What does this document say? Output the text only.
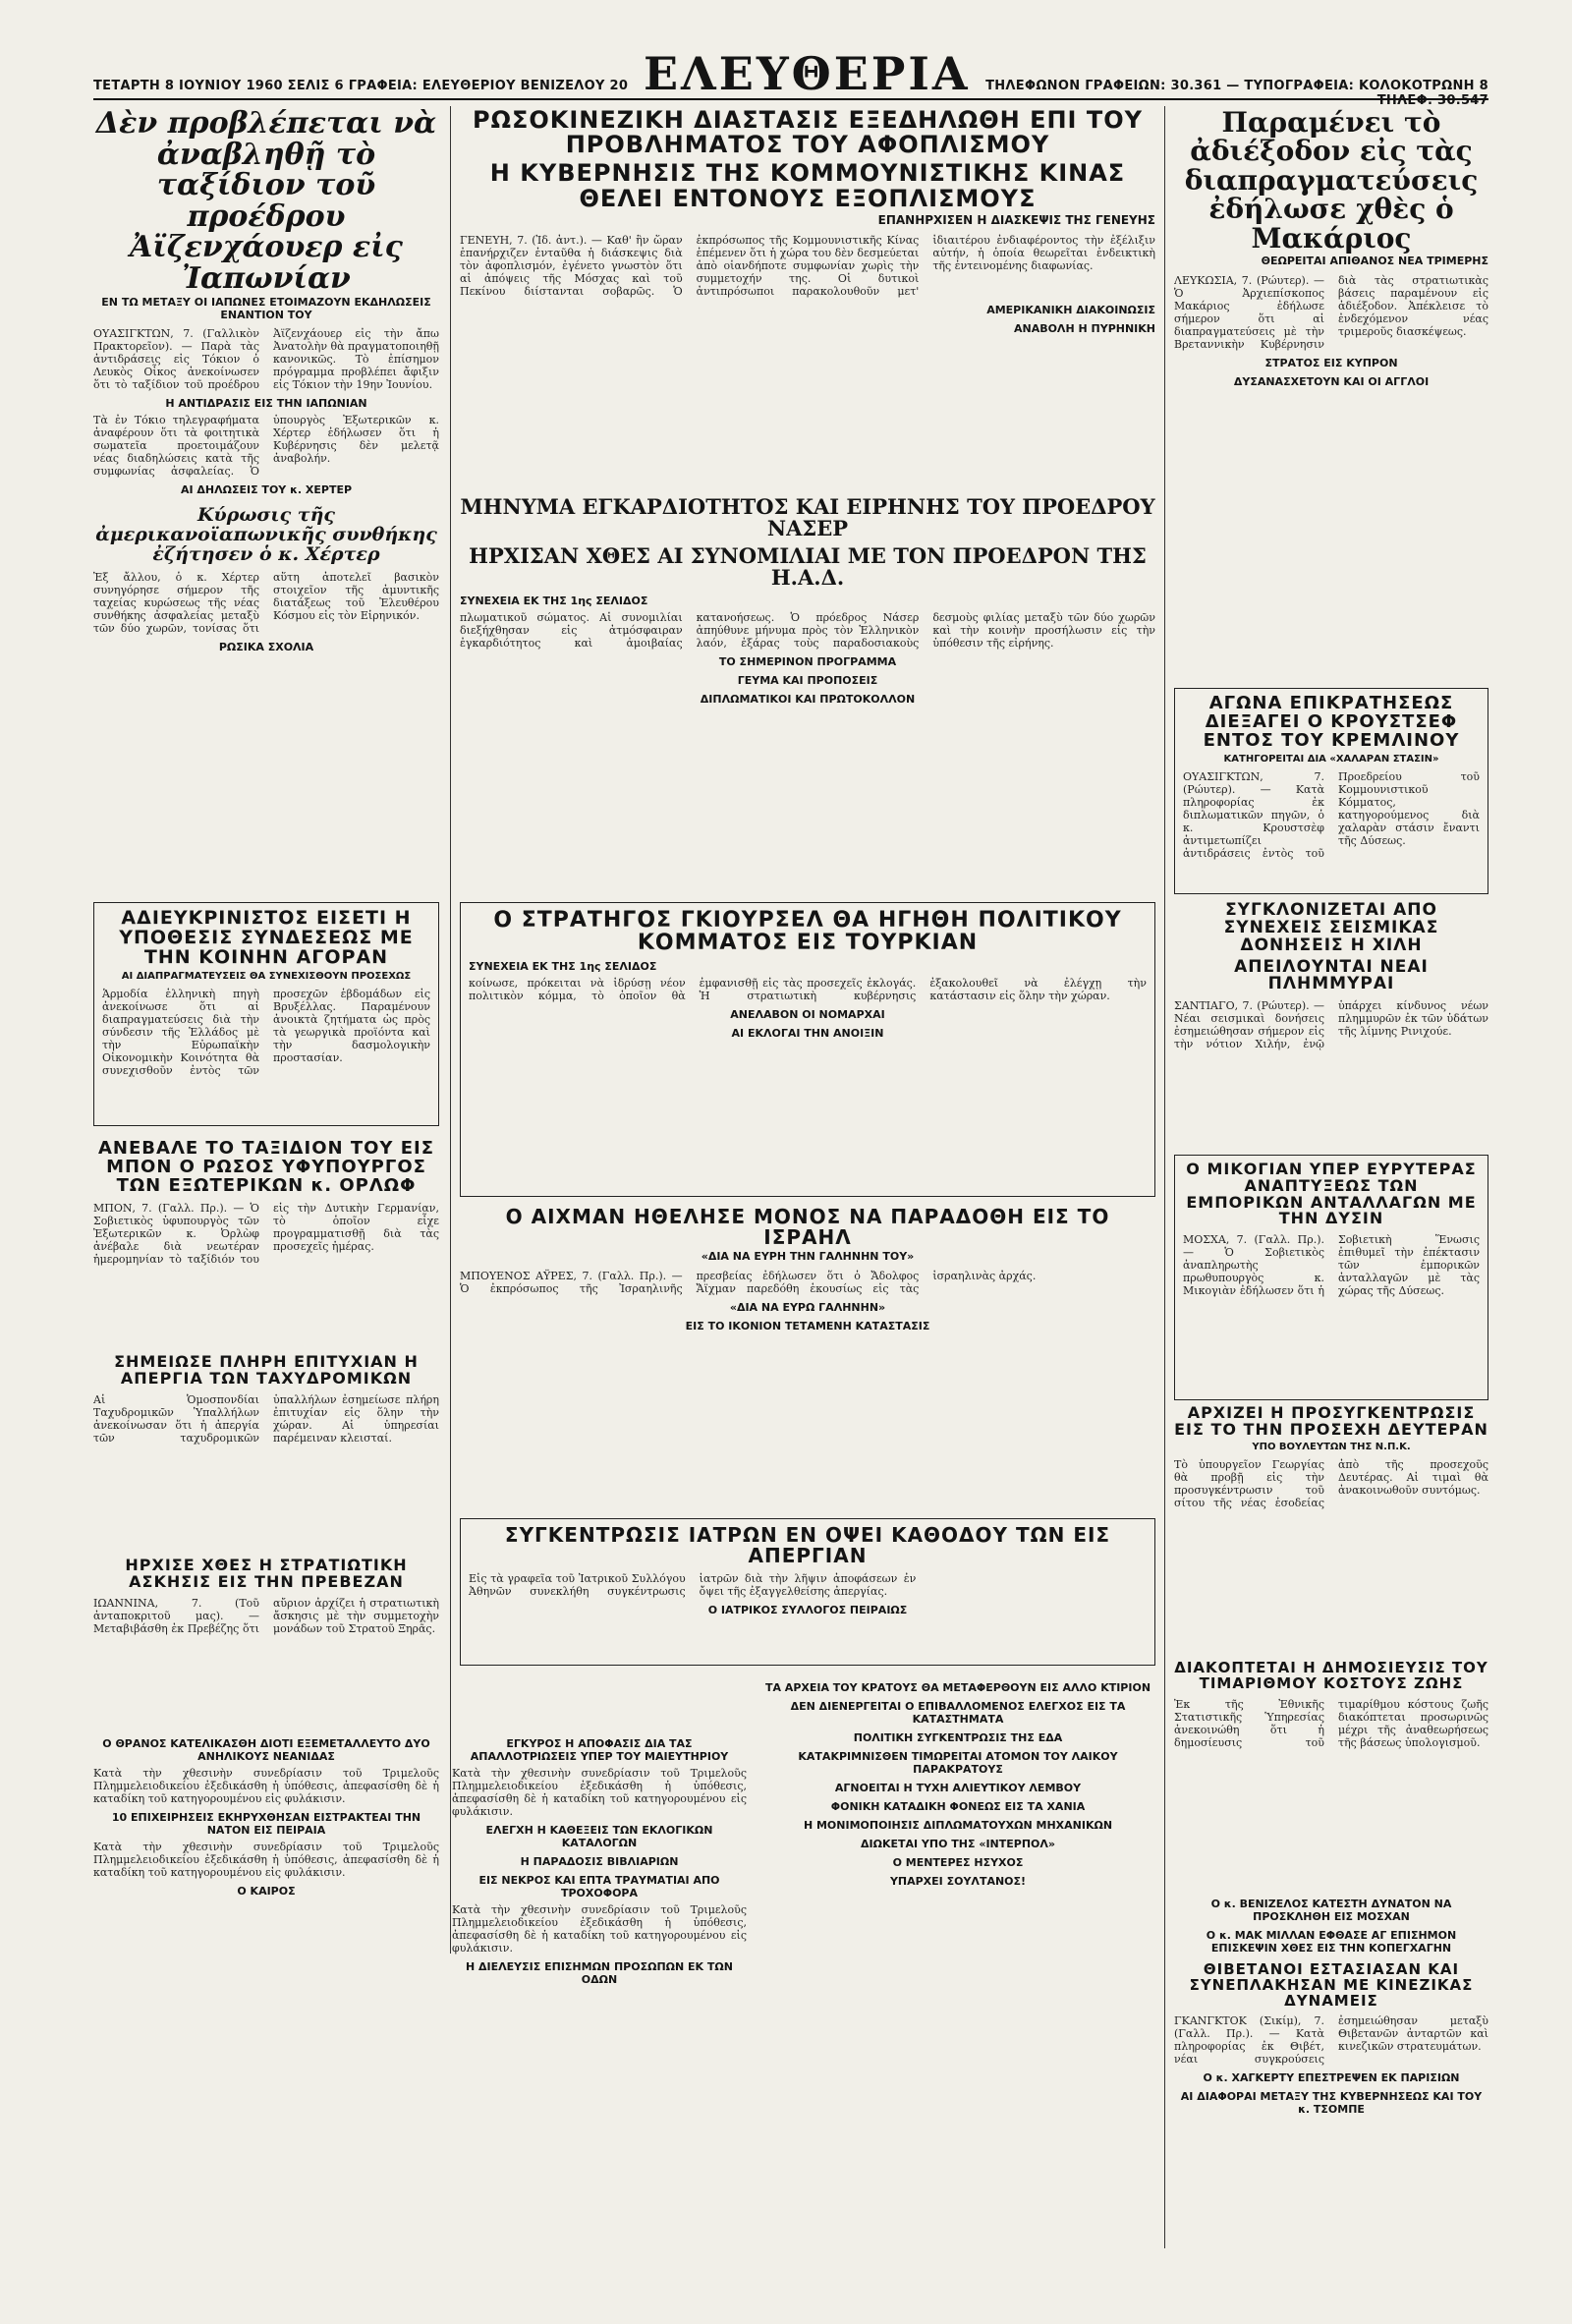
ΤΕΤΑΡΤΗ 8 ΙΟΥΝΙΟΥ 1960 ΣΕΛΙΣ 6 ΓΡΑΦΕΙΑ: ΕΛΕΥΘΕΡΙΟΥ ΒΕΝΙΖΕΛΟΥ 20 ΕΛΕΥΘΕΡΙΑ	ΤΗΛΕΦΩΝΟΝ ΓΡΑΦΕΙΩΝ: 30.361 — ΤΥΠΟΓΡΑΦΕΙΑ: ΚΟΛΟΚΟΤΡΩΝΗ 8 ΤΗΛΕΦ. 30.547
Δὲν πρoβλέπεται νὰ ἀναβληθῇ τὸ ταξίδιον τοῦ προέδρου Ἀϊζενχάουερ εἰς Ἰαπωνίαν
ΕΝ ΤΩ ΜΕΤΑΞΥ ΟΙ ΙΑΠΩΝΕΣ ΕΤΟΙΜΑΖΟΥΝ ΕΚΔΗΛΩΣΕΙΣ ΕΝΑΝΤΙΟΝ ΤΟΥ
ΟΥΑΣΙΓΚΤΩΝ, 7. (Γαλλικὸν Πρακτορεῖον). — Παρὰ τὰς ἀντιδράσεις εἰς Τόκιον ὁ Λευκὸς Οἶκος ἀνεκοίνωσεν ὅτι τὸ ταξίδιον τοῦ προέδρου Ἀϊζενχάουερ εἰς τὴν ἄπω Ἀνατολὴν θὰ πραγματοποιηθῇ κανονικῶς. Τὸ ἐπίσημον πρόγραμμα προβλέπει ἄφιξιν εἰς Τόκιον τὴν 19ην Ἰουνίου.
Η ΑΝΤΙΔΡΑΣΙΣ ΕΙΣ ΤΗΝ ΙΑΠΩΝΙΑΝ
Τὰ ἐν Τόκιο τηλεγραφήματα ἀναφέρουν ὅτι τὰ φοιτητικὰ σωματεῖα προετοιμάζουν νέας διαδηλώσεις κατὰ τῆς συμφωνίας ἀσφαλείας. Ὁ ὑπουργὸς Ἐξωτερικῶν κ. Χέρτερ ἐδήλωσεν ὅτι ἡ Κυβέρνησις δὲν μελετᾷ ἀναβολήν.
ΑΙ ΔΗΛΩΣΕΙΣ ΤΟΥ κ. ΧΕΡΤΕΡ
Κύρωσις τῆς ἀμερικανοϊαπωνικῆς συνθήκης ἐζήτησεν ὁ κ. Χέρτερ
Ἐξ ἄλλου, ὁ κ. Χέρτερ συνηγόρησε σήμερον τῆς ταχείας κυρώσεως τῆς νέας συνθήκης ἀσφαλείας μεταξὺ τῶν δύο χωρῶν, τονίσας ὅτι αὕτη ἀποτελεῖ βασικὸν στοιχεῖον τῆς ἀμυντικῆς διατάξεως τοῦ Ἐλευθέρου Κόσμου εἰς τὸν Εἰρηνικόν.
ΡΩΣΙΚΑ ΣΧΟΛΙΑ
ΡΩΣΟΚΙΝΕΖΙΚΗ ΔΙΑΣΤΑΣΙΣ ΕΞΕΔΗΛΩΘΗ ΕΠΙ ΤΟΥ ΠΡΟΒΛΗΜΑΤΟΣ ΤΟΥ ΑΦΟΠΛΙΣΜΟΥ
Η ΚΥΒΕΡΝΗΣΙΣ ΤΗΣ ΚΟΜΜΟΥΝΙΣΤΙΚΗΣ ΚΙΝΑΣ ΘΕΛΕΙ ΕΝΤΟΝΟΥΣ ΕΞΟΠΛΙΣΜΟΥΣ
ΕΠΑΝΗΡΧΙΣΕΝ Η ΔΙΑΣΚΕΨΙΣ ΤΗΣ ΓΕΝΕΥΗΣ
ΓΕΝΕΥΗ, 7. (Ἰδ. ἀντ.). — Καθ' ἣν ὥραν ἐπανήρχιζεν ἐνταῦθα ἡ διάσκεψις διὰ τὸν ἀφοπλισμόν, ἐγένετο γνωστὸν ὅτι αἱ ἀπόψεις τῆς Μόσχας καὶ τοῦ Πεκίνου διίστανται σοβαρῶς. Ὁ ἐκπρόσωπος τῆς Κομμουνιστικῆς Κίνας ἐπέμενεν ὅτι ἡ χώρα του δὲν δεσμεύεται ἀπὸ οἱανδήποτε συμφωνίαν χωρὶς τὴν συμμετοχήν της. Οἱ δυτικοὶ ἀντιπρόσωποι παρακολουθοῦν μετ' ἰδιαιτέρου ἐνδιαφέροντος τὴν ἐξέλιξιν αὐτήν, ἡ ὁποία θεωρεῖται ἐνδεικτικὴ τῆς ἐντεινομένης διαφωνίας.
ΑΜΕΡΙΚΑΝΙΚΗ ΔΙΑΚΟΙΝΩΣΙΣ
ΑΝΑΒΟΛΗ Η ΠΥΡΗΝΙΚΗ
ΜΗΝΥΜΑ ΕΓΚΑΡΔΙΟΤΗΤΟΣ ΚΑΙ ΕΙΡΗΝΗΣ ΤΟΥ ΠΡΟΕΔΡΟΥ ΝΑΣΕΡ
ΗΡΧΙΣΑΝ ΧΘΕΣ ΑΙ ΣΥΝΟΜΙΛΙΑΙ ΜΕ ΤΟΝ ΠΡΟΕΔΡΟΝ ΤΗΣ Η.Α.Δ.
ΣΥΝΕΧΕΙΑ ΕΚ ΤΗΣ 1ης ΣΕΛΙΔΟΣ
πλωματικοῦ σώματος. Αἱ συνομιλίαι διεξήχθησαν εἰς ἀτμόσφαιραν ἐγκαρδιότητος καὶ ἀμοιβαίας κατανοήσεως. Ὁ πρόεδρος Νάσερ ἀπηύθυνε μήνυμα πρὸς τὸν Ἑλληνικὸν λαόν, ἐξάρας τοὺς παραδοσιακοὺς δεσμοὺς φιλίας μεταξὺ τῶν δύο χωρῶν καὶ τὴν κοινὴν προσήλωσιν εἰς τὴν ὑπόθεσιν τῆς εἰρήνης.
ΤΟ ΣΗΜΕΡΙΝΟΝ ΠΡΟΓΡΑΜΜΑ
ΓΕΥΜΑ ΚΑΙ ΠΡΟΠΟΣΕΙΣ
ΔΙΠΛΩΜΑΤΙΚΟΙ ΚΑΙ ΠΡΩΤΟΚΟΛΛΟΝ
Παραμένει τὸ ἀδιέξοδον εἰς τὰς διαπραγματεύσεις ἐδήλωσε χθὲς ὁ Μακάριος
ΘΕΩΡΕΙΤΑΙ ΑΠΙΘΑΝΟΣ ΝΕΑ ΤΡΙΜΕΡΗΣ
ΛΕΥΚΩΣΙΑ, 7. (Ρώυτερ). — Ὁ Ἀρχιεπίσκοπος Μακάριος ἐδήλωσε σήμερον ὅτι αἱ διαπραγματεύσεις μὲ τὴν Βρεταννικὴν Κυβέρνησιν διὰ τὰς στρατιωτικὰς βάσεις παραμένουν εἰς ἀδιέξοδον. Ἀπέκλεισε τὸ ἐνδεχόμενον νέας τριμεροῦς διασκέψεως.
ΣΤΡΑΤΟΣ ΕΙΣ ΚΥΠΡΟΝ
ΔΥΣΑΝΑΣΧΕΤΟΥΝ ΚΑΙ ΟΙ ΑΓΓΛΟΙ
ΑΓΩΝΑ ΕΠΙΚΡΑΤΗΣΕΩΣ ΔΙΕΞΑΓΕΙ Ο ΚΡΟΥΣΤΣΕΦ ΕΝΤΟΣ ΤΟΥ ΚΡΕΜΛΙΝΟΥ
ΚΑΤΗΓΟΡΕΙΤΑΙ ΔΙΑ «ΧΑΛΑΡΑΝ ΣΤΑΣΙΝ»
ΟΥΑΣΙΓΚΤΩΝ, 7. (Ρώυτερ). — Κατὰ πληροφορίας ἐκ διπλωματικῶν πηγῶν, ὁ κ. Κρουστσὲφ ἀντιμετωπίζει ἀντιδράσεις ἐντὸς τοῦ Προεδρείου τοῦ Κομμουνιστικοῦ Κόμματος, κατηγορούμενος διὰ χαλαρὰν στάσιν ἔναντι τῆς Δύσεως.
ΑΔΙΕΥΚΡΙΝΙΣΤΟΣ ΕΙΣΕΤΙ Η ΥΠΟΘΕΣΙΣ ΣΥΝΔΕΣΕΩΣ ΜΕ ΤΗΝ ΚΟΙΝΗΝ ΑΓΟΡΑΝ
ΑΙ ΔΙΑΠΡΑΓΜΑΤΕΥΣΕΙΣ ΘΑ ΣΥΝΕΧΙΣΘΟΥΝ ΠΡΟΣΕΧΩΣ
Ἁρμοδία ἑλληνικὴ πηγὴ ἀνεκοίνωσε ὅτι αἱ διαπραγματεύσεις διὰ τὴν σύνδεσιν τῆς Ἑλλάδος μὲ τὴν Εὐρωπαϊκὴν Οἰκονομικὴν Κοινότητα θὰ συνεχισθοῦν ἐντὸς τῶν προσεχῶν ἑβδομάδων εἰς Βρυξέλλας. Παραμένουν ἀνοικτὰ ζητήματα ὡς πρὸς τὰ γεωργικὰ προϊόντα καὶ τὴν δασμολογικὴν προστασίαν.
Ο ΣΤΡΑΤΗΓΟΣ ΓΚΙΟΥΡΣΕΛ ΘΑ ΗΓΗΘΗ ΠΟΛΙΤΙΚΟΥ ΚΟΜΜΑΤΟΣ ΕΙΣ ΤΟΥΡΚΙΑΝ
ΣΥΝΕΧΕΙΑ ΕΚ ΤΗΣ 1ης ΣΕΛΙΔΟΣ
κοίνωσε, πρόκειται νὰ ἱδρύσῃ νέον πολιτικὸν κόμμα, τὸ ὁποῖον θὰ ἐμφανισθῇ εἰς τὰς προσεχεῖς ἐκλογάς. Ἡ στρατιωτικὴ κυβέρνησις ἐξακολουθεῖ νὰ ἐλέγχῃ τὴν κατάστασιν εἰς ὅλην τὴν χώραν.
ΑΝΕΛΑΒΟΝ ΟΙ ΝΟΜΑΡΧΑΙ
ΑΙ ΕΚΛΟΓΑΙ ΤΗΝ ΑΝΟΙΞΙΝ
ΣΥΓΚΛΟΝΙΖΕΤΑΙ ΑΠΟ ΣΥΝΕΧΕΙΣ ΣΕΙΣΜΙΚΑΣ ΔΟΝΗΣΕΙΣ Η ΧΙΛΗ
ΑΠΕΙΛΟΥΝΤΑΙ ΝΕΑΙ ΠΛΗΜΜΥΡΑΙ
ΣΑΝΤΙΑΓΟ, 7. (Ρώυτερ). — Νέαι σεισμικαὶ δονήσεις ἐσημειώθησαν σήμερον εἰς τὴν νότιον Χιλήν, ἐνῷ ὑπάρχει κίνδυνος νέων πλημμυρῶν ἐκ τῶν ὑδάτων τῆς λίμνης Ρινιχούε.
ΑΝΕΒΑΛΕ ΤΟ ΤΑΞΙΔΙΟΝ ΤΟΥ ΕΙΣ ΜΠΟΝ Ο ΡΩΣΟΣ ΥΦΥΠΟΥΡΓΟΣ ΤΩΝ ΕΞΩΤΕΡΙΚΩΝ κ. ΟΡΛΩΦ
ΜΠΟΝ, 7. (Γαλλ. Πρ.). — Ὁ Σοβιετικὸς ὑφυπουργὸς τῶν Ἐξωτερικῶν κ. Ὀρλὼφ ἀνέβαλε διὰ νεωτέραν ἡμερομηνίαν τὸ ταξίδιόν του εἰς τὴν Δυτικὴν Γερμανίαν, τὸ ὁποῖον εἶχε προγραμματισθῇ διὰ τὰς προσεχεῖς ἡμέρας.
Ο ΑΙΧΜΑΝ ΗΘΕΛΗΣΕ ΜΟΝΟΣ ΝΑ ΠΑΡΑΔΟΘΗ ΕΙΣ ΤΟ ΙΣΡΑΗΛ
«ΔΙΑ ΝΑ ΕΥΡΗ ΤΗΝ ΓΑΛΗΝΗΝ ΤΟΥ»
ΜΠΟΥΕΝΟΣ ΑΫΡΕΣ, 7. (Γαλλ. Πρ.). — Ὁ ἐκπρόσωπος τῆς Ἰσραηλινῆς πρεσβείας ἐδήλωσεν ὅτι ὁ Ἄδολφος Ἄϊχμαν παρεδόθη ἑκουσίως εἰς τὰς ἰσραηλινὰς ἀρχάς.
«ΔΙΑ ΝΑ ΕΥΡΩ ΓΑΛΗΝΗΝ»
ΕΙΣ ΤΟ ΙΚΟΝΙΟΝ ΤΕΤΑΜΕΝΗ ΚΑΤΑΣΤΑΣΙΣ
Ο ΜΙΚΟΓΙΑΝ ΥΠΕΡ ΕΥΡΥΤΕΡΑΣ ΑΝΑΠΤΥΞΕΩΣ ΤΩΝ ΕΜΠΟΡΙΚΩΝ ΑΝΤΑΛΛΑΓΩΝ ΜΕ ΤΗΝ ΔΥΣΙΝ
ΜΟΣΧΑ, 7. (Γαλλ. Πρ.). — Ὁ Σοβιετικὸς ἀναπληρωτὴς πρωθυπουργὸς κ. Μικογιὰν ἐδήλωσεν ὅτι ἡ Σοβιετικὴ Ἕνωσις ἐπιθυμεῖ τὴν ἐπέκτασιν τῶν ἐμπορικῶν ἀνταλλαγῶν μὲ τὰς χώρας τῆς Δύσεως.
ΣΗΜΕΙΩΣΕ ΠΛΗΡΗ ΕΠΙΤΥΧΙΑΝ Η ΑΠΕΡΓΙΑ ΤΩΝ ΤΑΧΥΔΡΟΜΙΚΩΝ
Αἱ Ὁμοσπονδίαι Ταχυδρομικῶν Ὑπαλλήλων ἀνεκοίνωσαν ὅτι ἡ ἀπεργία τῶν ταχυδρομικῶν ὑπαλλήλων ἐσημείωσε πλήρη ἐπιτυχίαν εἰς ὅλην τὴν χώραν. Αἱ ὑπηρεσίαι παρέμειναν κλεισταί.
ΑΡΧΙΖΕΙ Η ΠΡΟΣΥΓΚΕΝΤΡΩΣΙΣ ΕΙΣ ΤΟ ΤΗΝ ΠΡΟΣΕΧΗ ΔΕΥΤΕΡΑΝ
ΥΠΟ ΒΟΥΛΕΥΤΩΝ ΤΗΣ Ν.Π.Κ.
Τὸ ὑπουργεῖον Γεωργίας θὰ προβῇ εἰς τὴν προσυγκέντρωσιν τοῦ σίτου τῆς νέας ἐσοδείας ἀπὸ τῆς προσεχοῦς Δευτέρας. Αἱ τιμαὶ θὰ ἀνακοινωθοῦν συντόμως.
ΣΥΓΚΕΝΤΡΩΣΙΣ ΙΑΤΡΩΝ ΕΝ ΟΨΕΙ ΚΑΘΟΔΟΥ ΤΩΝ ΕΙΣ ΑΠΕΡΓΙΑΝ
Εἰς τὰ γραφεῖα τοῦ Ἰατρικοῦ Συλλόγου Ἀθηνῶν συνεκλήθη συγκέντρωσις ἰατρῶν διὰ τὴν λῆψιν ἀποφάσεων ἐν ὄψει τῆς ἐξαγγελθείσης ἀπεργίας.
Ο ΙΑΤΡΙΚΟΣ ΣΥΛΛΟΓΟΣ ΠΕΙΡΑΙΩΣ
ΗΡΧΙΣΕ ΧΘΕΣ Η ΣΤΡΑΤΙΩΤΙΚΗ ΑΣΚΗΣΙΣ ΕΙΣ ΤΗΝ ΠΡΕΒΕΖΑΝ
ΙΩΑΝΝΙΝΑ, 7. (Τοῦ ἀνταποκριτοῦ μας). — Μεταβιβάσθη ἐκ Πρεβέζης ὅτι αὔριον ἀρχίζει ἡ στρατιωτικὴ ἄσκησις μὲ τὴν συμμετοχὴν μονάδων τοῦ Στρατοῦ Ξηρᾶς.
ΔΙΑΚΟΠΤΕΤΑΙ Η ΔΗΜΟΣΙΕΥΣΙΣ ΤΟΥ ΤΙΜΑΡΙΘΜΟΥ ΚΟΣΤΟΥΣ ΖΩΗΣ
Ἐκ τῆς Ἐθνικῆς Στατιστικῆς Ὑπηρεσίας ἀνεκοινώθη ὅτι ἡ δημοσίευσις τοῦ τιμαρίθμου κόστους ζωῆς διακόπτεται προσωρινῶς μέχρι τῆς ἀναθεωρήσεως τῆς βάσεως ὑπολογισμοῦ.
Ο ΘΡΑΝΟΣ ΚΑΤΕΛΙΚΑΣΘΗ ΔΙΟΤΙ ΕΞΕΜΕΤΑΛΛΕΥΤΟ ΔΥΟ ΑΝΗΛΙΚΟΥΣ ΝΕΑΝΙΔΑΣ
Κατὰ τὴν χθεσινὴν συνεδρίασιν τοῦ Τριμελοῦς Πλημμελειοδικείου ἐξεδικάσθη ἡ ὑπόθεσις, ἀπεφασίσθη δὲ ἡ καταδίκη τοῦ κατηγορουμένου εἰς φυλάκισιν.
10 ΕΠΙΧΕΙΡΗΣΕΙΣ ΕΚΗΡΥΧΘΗΣΑΝ ΕΙΣΤΡΑΚΤΕΑΙ ΤΗΝ ΝΑΤΟΝ ΕΙΣ ΠΕΙΡΑΙΑ
Κατὰ τὴν χθεσινὴν συνεδρίασιν τοῦ Τριμελοῦς Πλημμελειοδικείου ἐξεδικάσθη ἡ ὑπόθεσις, ἀπεφασίσθη δὲ ἡ καταδίκη τοῦ κατηγορουμένου εἰς φυλάκισιν.
Ο ΚΑΙΡΟΣ
ΕΓΚΥΡΟΣ Η ΑΠΟΦΑΣΙΣ ΔΙΑ ΤΑΣ ΑΠΑΛΛΟΤΡΙΩΣΕΙΣ ΥΠΕΡ ΤΟΥ ΜΑΙΕΥΤΗΡΙΟΥ
Κατὰ τὴν χθεσινὴν συνεδρίασιν τοῦ Τριμελοῦς Πλημμελειοδικείου ἐξεδικάσθη ἡ ὑπόθεσις, ἀπεφασίσθη δὲ ἡ καταδίκη τοῦ κατηγορουμένου εἰς φυλάκισιν.
ΕΛΕΓΧΗ Η ΚΑΘΕΞΕΙΣ ΤΩΝ ΕΚΛΟΓΙΚΩΝ ΚΑΤΑΛΟΓΩΝ
Η ΠΑΡΑΔΟΣΙΣ ΒΙΒΛΙΑΡΙΩΝ
ΕΙΣ ΝΕΚΡΟΣ ΚΑΙ ΕΠΤΑ ΤΡΑΥΜΑΤΙΑΙ ΑΠΟ ΤΡΟΧΟΦΟΡΑ
Κατὰ τὴν χθεσινὴν συνεδρίασιν τοῦ Τριμελοῦς Πλημμελειοδικείου ἐξεδικάσθη ἡ ὑπόθεσις, ἀπεφασίσθη δὲ ἡ καταδίκη τοῦ κατηγορουμένου εἰς φυλάκισιν.
Η ΔΙΕΛΕΥΣΙΣ ΕΠΙΣΗΜΩΝ ΠΡΟΣΩΠΩΝ ΕΚ ΤΩΝ ΟΔΩΝ
ΤΑ ΑΡΧΕΙΑ ΤΟΥ ΚΡΑΤΟΥΣ ΘΑ ΜΕΤΑΦΕΡΘΟΥΝ ΕΙΣ ΑΛΛΟ ΚΤΙΡΙΟΝ
ΔΕΝ ΔΙΕΝΕΡΓΕΙΤΑΙ Ο ΕΠΙΒΑΛΛΟΜΕΝΟΣ ΕΛΕΓΧΟΣ ΕΙΣ ΤΑ ΚΑΤΑΣΤΗΜΑΤΑ
ΠΟΛΙΤΙΚΗ ΣΥΓΚΕΝΤΡΩΣΙΣ ΤΗΣ ΕΔΑ
ΚΑΤΑΚΡΙΜΝΙΣΘΕΝ ΤΙΜΩΡΕΙΤΑΙ ΑΤΟΜΟΝ ΤΟΥ ΛΑΙΚΟΥ ΠΑΡΑΚΡΑΤΟΥΣ
ΑΓΝΟΕΙΤΑΙ Η ΤΥΧΗ ΑΛΙΕΥΤΙΚΟΥ ΛΕΜΒΟΥ
ΦΟΝΙΚΗ ΚΑΤΑΔΙΚΗ ΦΟΝΕΩΣ ΕΙΣ ΤΑ ΧΑΝΙΑ
Η ΜΟΝΙΜΟΠΟΙΗΣΙΣ ΔΙΠΛΩΜΑΤΟΥΧΩΝ ΜΗΧΑΝΙΚΩΝ
ΔΙΩΚΕΤΑΙ ΥΠΟ ΤΗΣ «ΙΝΤΕΡΠΟΛ»
Ο ΜΕΝΤΕΡΕΣ ΗΣΥΧΟΣ
ΥΠΑΡΧΕΙ ΣΟΥΛΤΑΝΟΣ!
Ο κ. ΒΕΝΙΖΕΛΟΣ ΚΑΤΕΣΤΗ ΔΥΝΑΤΟΝ ΝΑ ΠΡΟΣΚΛΗΘΗ ΕΙΣ ΜΟΣΧΑΝ
Ο κ. ΜΑΚ ΜΙΛΛΑΝ ΕΦΘΑΣΕ ΑΓ ΕΠΙΣΗΜΟΝ ΕΠΙΣΚΕΨΙΝ ΧΘΕΣ ΕΙΣ ΤΗΝ ΚΟΠΕΓΧΑΓΗΝ
ΘΙΒΕΤΑΝΟΙ ΕΣΤΑΣΙΑΣΑΝ ΚΑΙ ΣΥΝΕΠΛΑΚΗΣΑΝ ΜΕ ΚΙΝΕΖΙΚΑΣ ΔΥΝΑΜΕΙΣ
ΓΚΑΝΓΚΤΟΚ (Σικίμ), 7. (Γαλλ. Πρ.). — Κατὰ πληροφορίας ἐκ Θιβέτ, νέαι συγκρούσεις ἐσημειώθησαν μεταξὺ Θιβετανῶν ἀνταρτῶν καὶ κινεζικῶν στρατευμάτων.
Ο κ. ΧΑΓΚΕΡΤΥ ΕΠΕΣΤΡΕΨΕΝ ΕΚ ΠΑΡΙΣΙΩΝ
ΑΙ ΔΙΑΦΟΡΑΙ ΜΕΤΑΞΥ ΤΗΣ ΚΥΒΕΡΝΗΣΕΩΣ ΚΑΙ ΤΟΥ κ. ΤΣΟΜΠΕ
